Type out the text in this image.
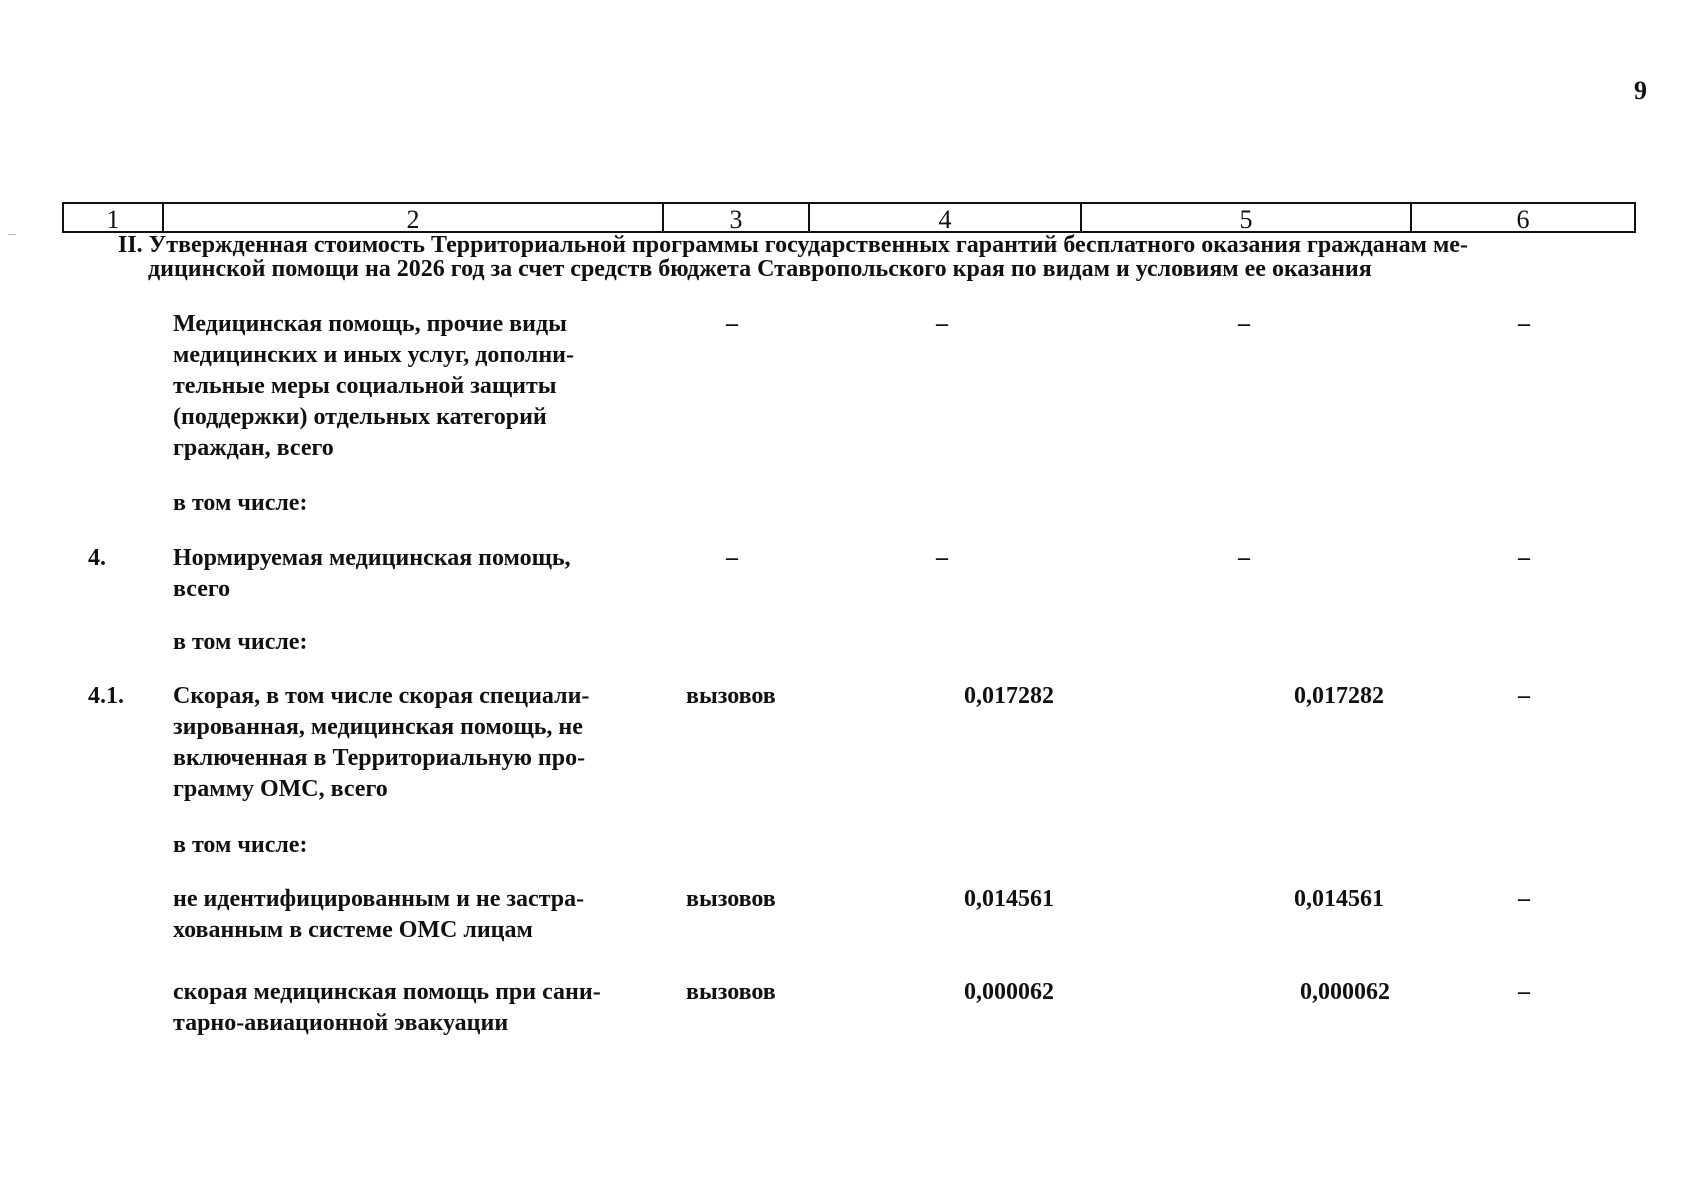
9
1	2	3	4	5	6
II. Утвержденная стоимость Территориальной программы государственных гарантий бесплатного оказания гражданам ме-
дицинской помощи на 2026 год за счет средств бюджета Ставропольского края по видам и условиям ее оказания
Медицинская помощь, прочие виды
медицинских и иных услуг, дополни-
тельные меры социальной защиты
(поддержки) отдельных категорий
граждан, всего
–	–	–	–
в том числе:
4.	Нормируемая медицинская помощь,
всего
–	–	–	–
в том числе:
4.1.	Скорая, в том числе скорая специали-
зированная, медицинская помощь, не
включенная в Территориальную про-
грамму ОМС, всего
вызовов	0,017282	0,017282	–
в том числе:
не идентифицированным и не застра-
хованным в системе ОМС лицам
вызовов	0,014561	0,014561	–
скорая медицинская помощь при сани-
тарно-авиационной эвакуации
вызовов	0,000062	0,000062	–
